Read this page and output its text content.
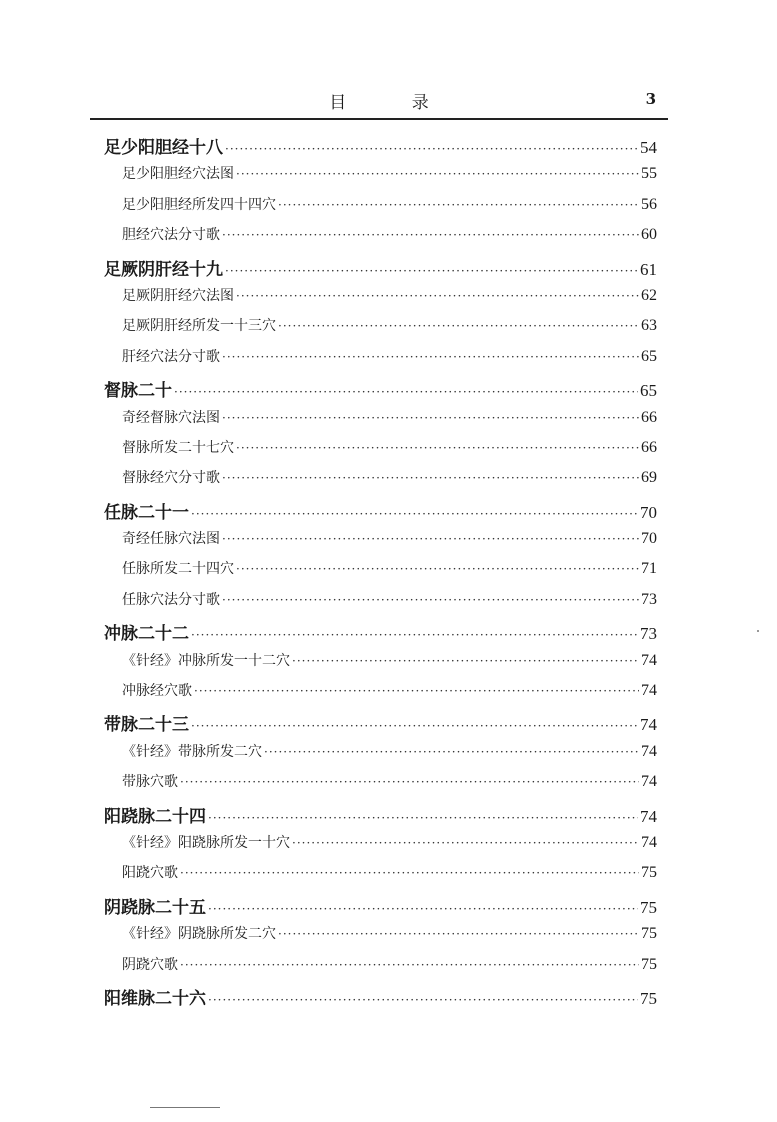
目 录	3
足少阳胆经十八 ·····	54
足少阳胆经穴法图 ·····	55
足少阳胆经所发四十四穴 ·····	56
胆经穴法分寸歌 ·····	60
足厥阴肝经十九 ·····	61
足厥阴肝经穴法图 ·····	62
足厥阴肝经所发一十三穴 ·····	63
肝经穴法分寸歌 ·····	65
督脉二十 ·····	65
奇经督脉穴法图 ·····	66
督脉所发二十七穴 ·····	66
督脉经穴分寸歌 ·····	69
任脉二十一 ·····	70
奇经任脉穴法图 ·····	70
任脉所发二十四穴 ·····	71
任脉穴法分寸歌 ·····	73
冲脉二十二 ·····	73
《针经》冲脉所发一十二穴 ·····	74
冲脉经穴歌 ·····	74
带脉二十三 ·····	74
《针经》带脉所发二穴 ·····	74
带脉穴歌 ·····	74
阳跷脉二十四 ·····	74
《针经》阳跷脉所发一十穴 ·····	74
阳跷穴歌 ·····	75
阴跷脉二十五 ·····	75
《针经》阴跷脉所发二穴 ·····	75
阴跷穴歌 ·····	75
阳维脉二十六 ·····	75
